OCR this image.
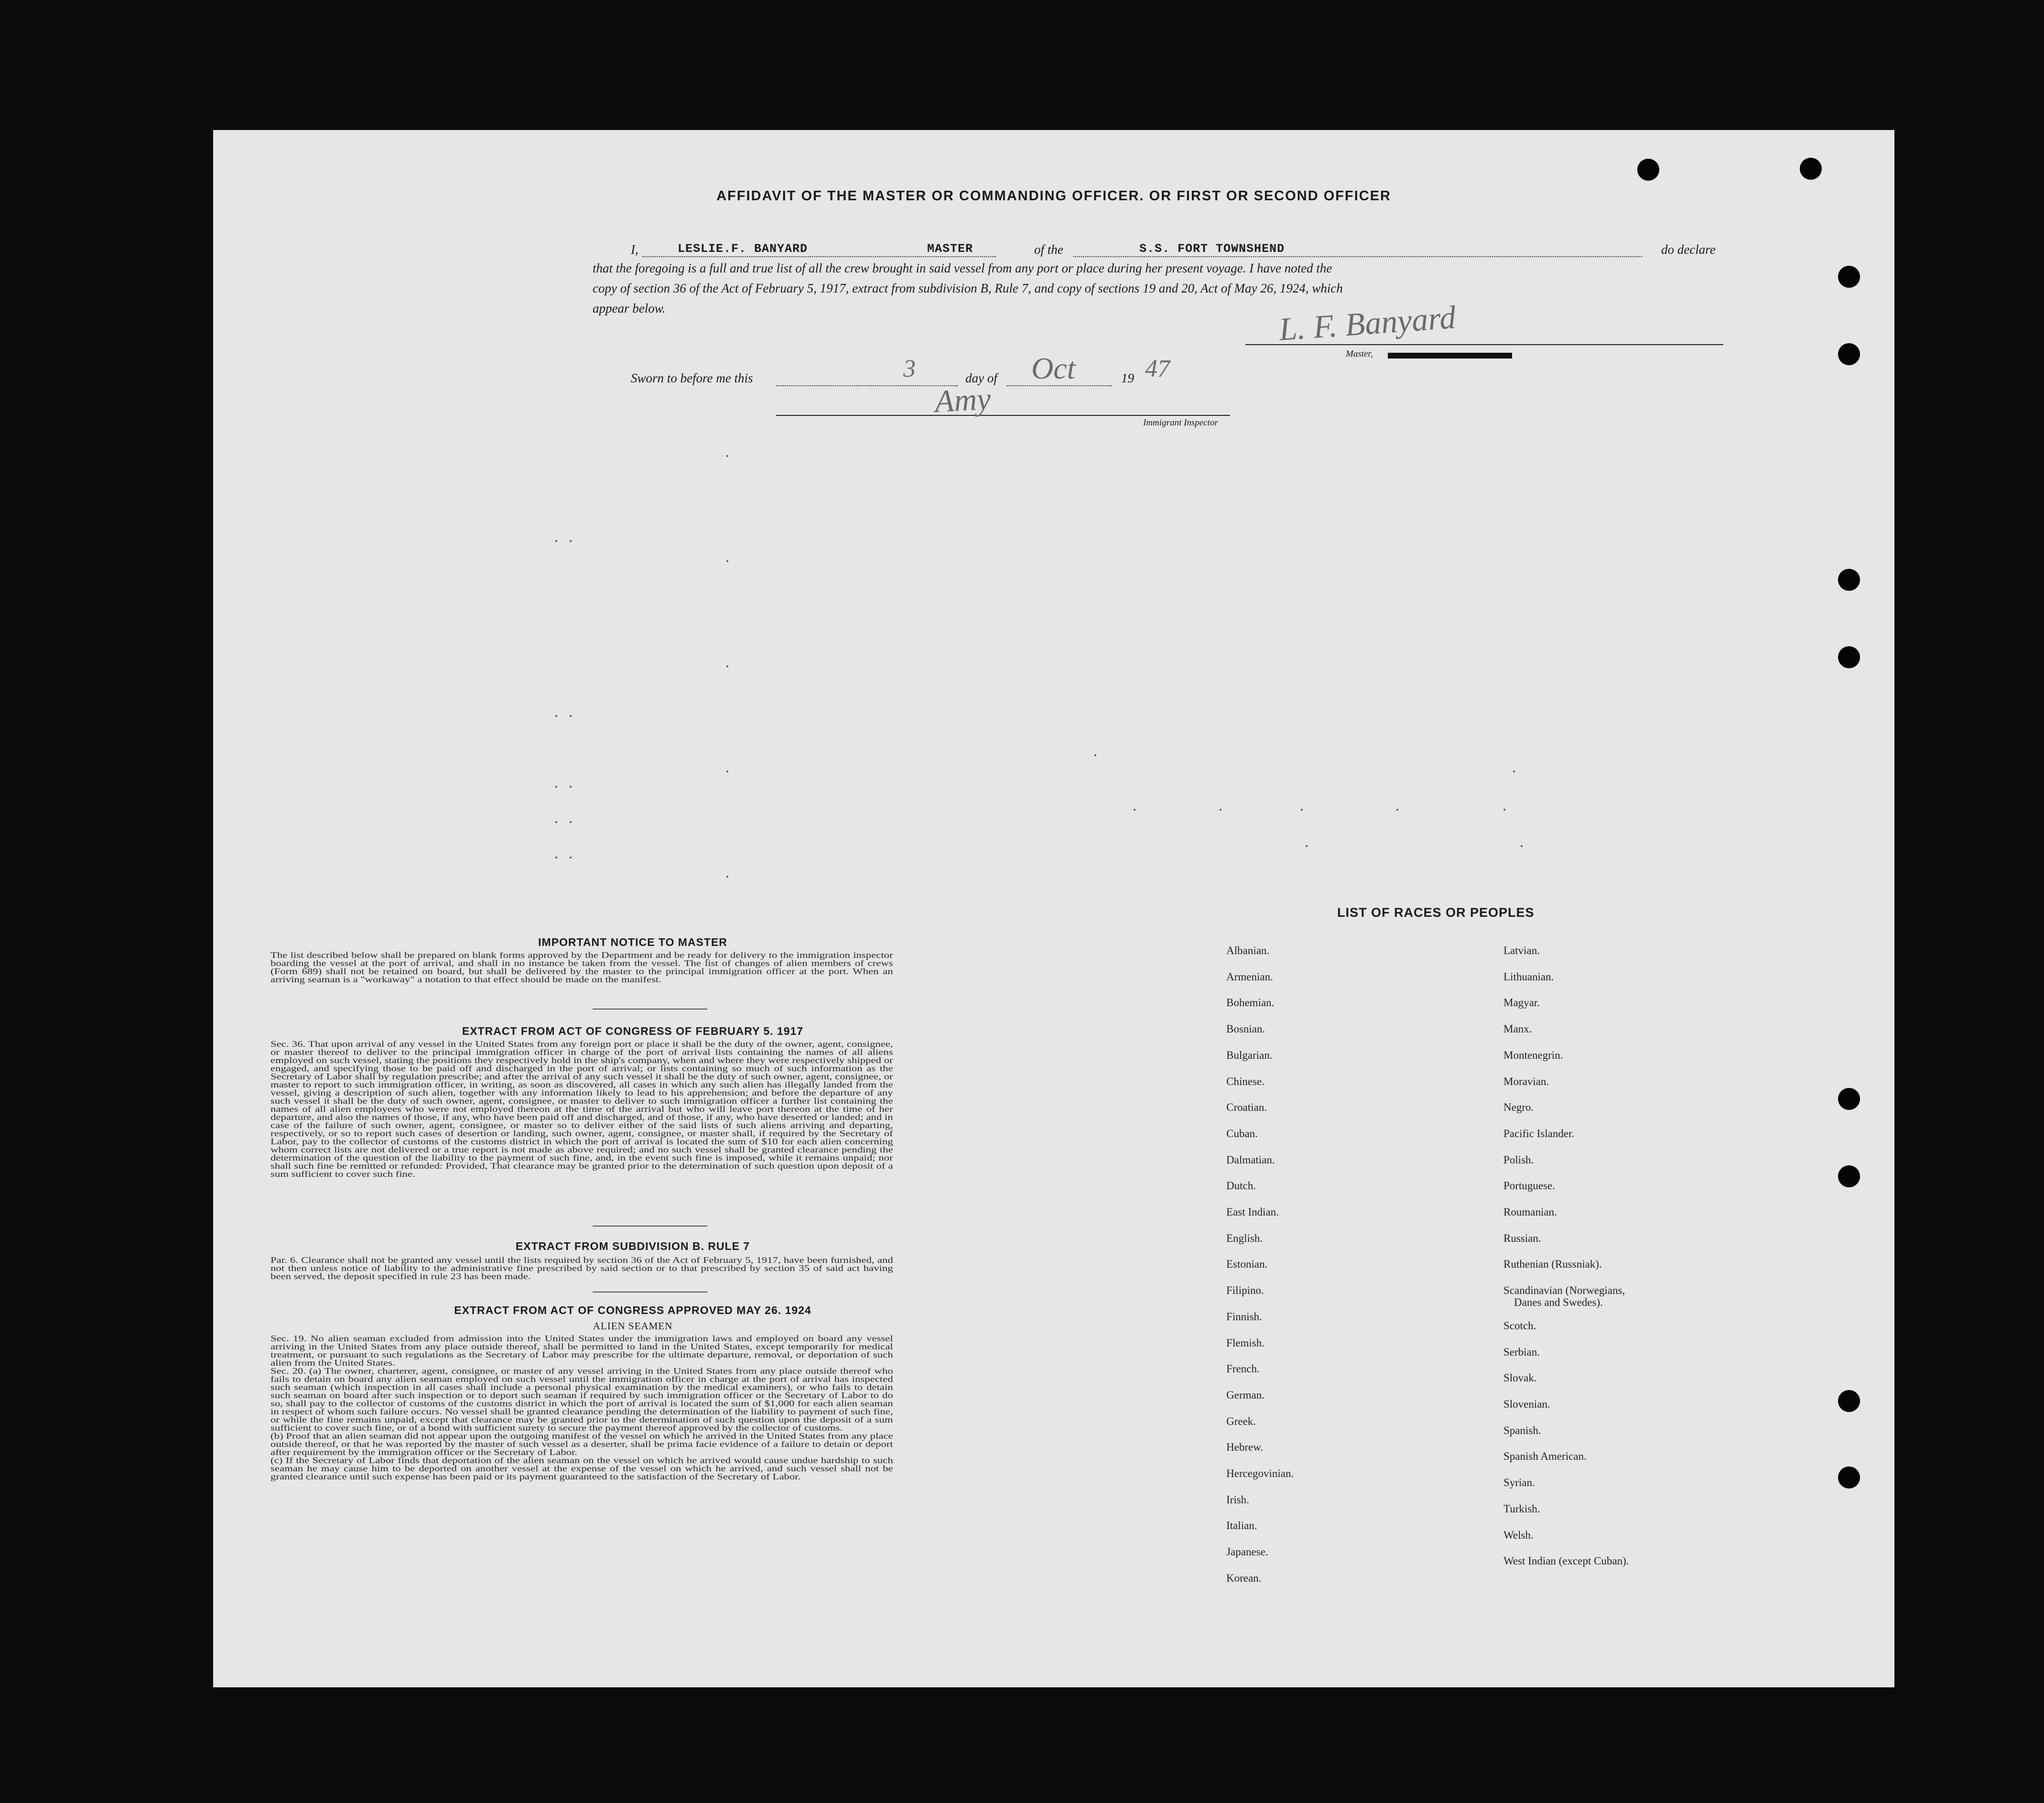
AFFIDAVIT OF THE MASTER OR COMMANDING OFFICER. OR FIRST OR SECOND OFFICER
I,	LESLIE.F. BANYARD	MASTER	of the	S.S. FORT TOWNSHEND	do declare
that the foregoing is a full and true list of all the crew brought in said vessel from any port or place during her present voyage. I have noted the
copy of section 36 of the Act of February 5, 1917, extract from subdivision B, Rule 7, and copy of sections 19 and 20, Act of May 26, 1924, which
appear below.	L. F. Banyard
Master,
Sworn to before me this	3	day of Oct	19 47
Amy
Immigrant Inspector
IMPORTANT NOTICE TO MASTER
The list described below shall be prepared on blank forms approved by the Department and be ready for delivery to the immigration inspector boarding the vessel at the port of arrival, and shall in no instance be taken from the vessel. The list of changes of alien members of crews (Form 689) shall not be retained on board, but shall be delivered by the master to the principal immigration officer at the port. When an arriving seaman is a "workaway" a notation to that effect should be made on the manifest.
EXTRACT FROM ACT OF CONGRESS OF FEBRUARY 5. 1917
Sec. 36. That upon arrival of any vessel in the United States from any foreign port or place it shall be the duty of the owner, agent, consignee, or master thereof to deliver to the principal immigration officer in charge of the port of arrival lists containing the names of all aliens employed on such vessel, stating the positions they respectively hold in the ship's company, when and where they were respectively shipped or engaged, and specifying those to be paid off and discharged in the port of arrival; or lists containing so much of such information as the Secretary of Labor shall by regulation prescribe; and after the arrival of any such vessel it shall be the duty of such owner, agent, consignee, or master to report to such immigration officer, in writing, as soon as discovered, all cases in which any such alien has illegally landed from the vessel, giving a description of such alien, together with any information likely to lead to his apprehension; and before the departure of any such vessel it shall be the duty of such owner, agent, consignee, or master to deliver to such immigration officer a further list containing the names of all alien employees who were not employed thereon at the time of the arrival but who will leave port thereon at the time of her departure, and also the names of those, if any, who have been paid off and discharged, and of those, if any, who have deserted or landed; and in case of the failure of such owner, agent, consignee, or master so to deliver either of the said lists of such aliens arriving and departing, respectively, or so to report such cases of desertion or landing, such owner, agent, consignee, or master shall, if required by the Secretary of Labor, pay to the collector of customs of the customs district in which the port of arrival is located the sum of $10 for each alien concerning whom correct lists are not delivered or a true report is not made as above required; and no such vessel shall be granted clearance pending the determination of the question of the liability to the payment of such fine, and, in the event such fine is imposed, while it remains unpaid; nor shall such fine be remitted or refunded: Provided, That clearance may be granted prior to the determination of such question upon deposit of a sum sufficient to cover such fine.
EXTRACT FROM SUBDIVISION B. RULE 7
Par. 6. Clearance shall not be granted any vessel until the lists required by section 36 of the Act of February 5, 1917, have been furnished, and not then unless notice of liability to the administrative fine prescribed by said section or to that prescribed by section 35 of said act having been served, the deposit specified in rule 23 has been made.
EXTRACT FROM ACT OF CONGRESS APPROVED MAY 26. 1924
ALIEN SEAMEN
Sec. 19. No alien seaman excluded from admission into the United States under the immigration laws and employed on board any vessel arriving in the United States from any place outside thereof, shall be permitted to land in the United States, except temporarily for medical treatment, or pursuant to such regulations as the Secretary of Labor may prescribe for the ultimate departure, removal, or deportation of such alien from the United States.
Sec. 20. (a) The owner, charterer, agent, consignee, or master of any vessel arriving in the United States from any place outside thereof who fails to detain on board any alien seaman employed on such vessel until the immigration officer in charge at the port of arrival has inspected such seaman (which inspection in all cases shall include a personal physical examination by the medical examiners), or who fails to detain such seaman on board after such inspection or to deport such seaman if required by such immigration officer or the Secretary of Labor to do so, shall pay to the collector of customs of the customs district in which the port of arrival is located the sum of $1,000 for each alien seaman in respect of whom such failure occurs. No vessel shall be granted clearance pending the determination of the liability to payment of such fine, or while the fine remains unpaid, except that clearance may be granted prior to the determination of such question upon the deposit of a sum sufficient to cover such fine, or of a bond with sufficient surety to secure the payment thereof approved by the collector of customs.
(b) Proof that an alien seaman did not appear upon the outgoing manifest of the vessel on which he arrived in the United States from any place outside thereof, or that he was reported by the master of such vessel as a deserter, shall be prima facie evidence of a failure to detain or deport after requirement by the immigration officer or the Secretary of Labor.
(c) If the Secretary of Labor finds that deportation of the alien seaman on the vessel on which he arrived would cause undue hardship to such seaman he may cause him to be deported on another vessel at the expense of the vessel on which he arrived, and such vessel shall not be granted clearance until such expense has been paid or its payment guaranteed to the satisfaction of the Secretary of Labor.
LIST OF RACES OR PEOPLES
Albanian.
Armenian.
Bohemian.
Bosnian.
Bulgarian.
Chinese.
Croatian.
Cuban.
Dalmatian.
Dutch.
East Indian.
English.
Estonian.
Filipino.
Finnish.
Flemish.
French.
German.
Greek.
Hebrew.
Hercegovinian.
Irish.
Italian.
Japanese.
Korean.
Latvian.
Lithuanian.
Magyar.
Manx.
Montenegrin.
Moravian.
Negro.
Pacific Islander.
Polish.
Portuguese.
Roumanian.
Russian.
Ruthenian (Russniak).
Scandinavian (Norwegians,
Danes and Swedes).
Scotch.
Serbian.
Slovak.
Slovenian.
Spanish.
Spanish American.
Syrian.
Turkish.
Welsh.
West Indian (except Cuban).
